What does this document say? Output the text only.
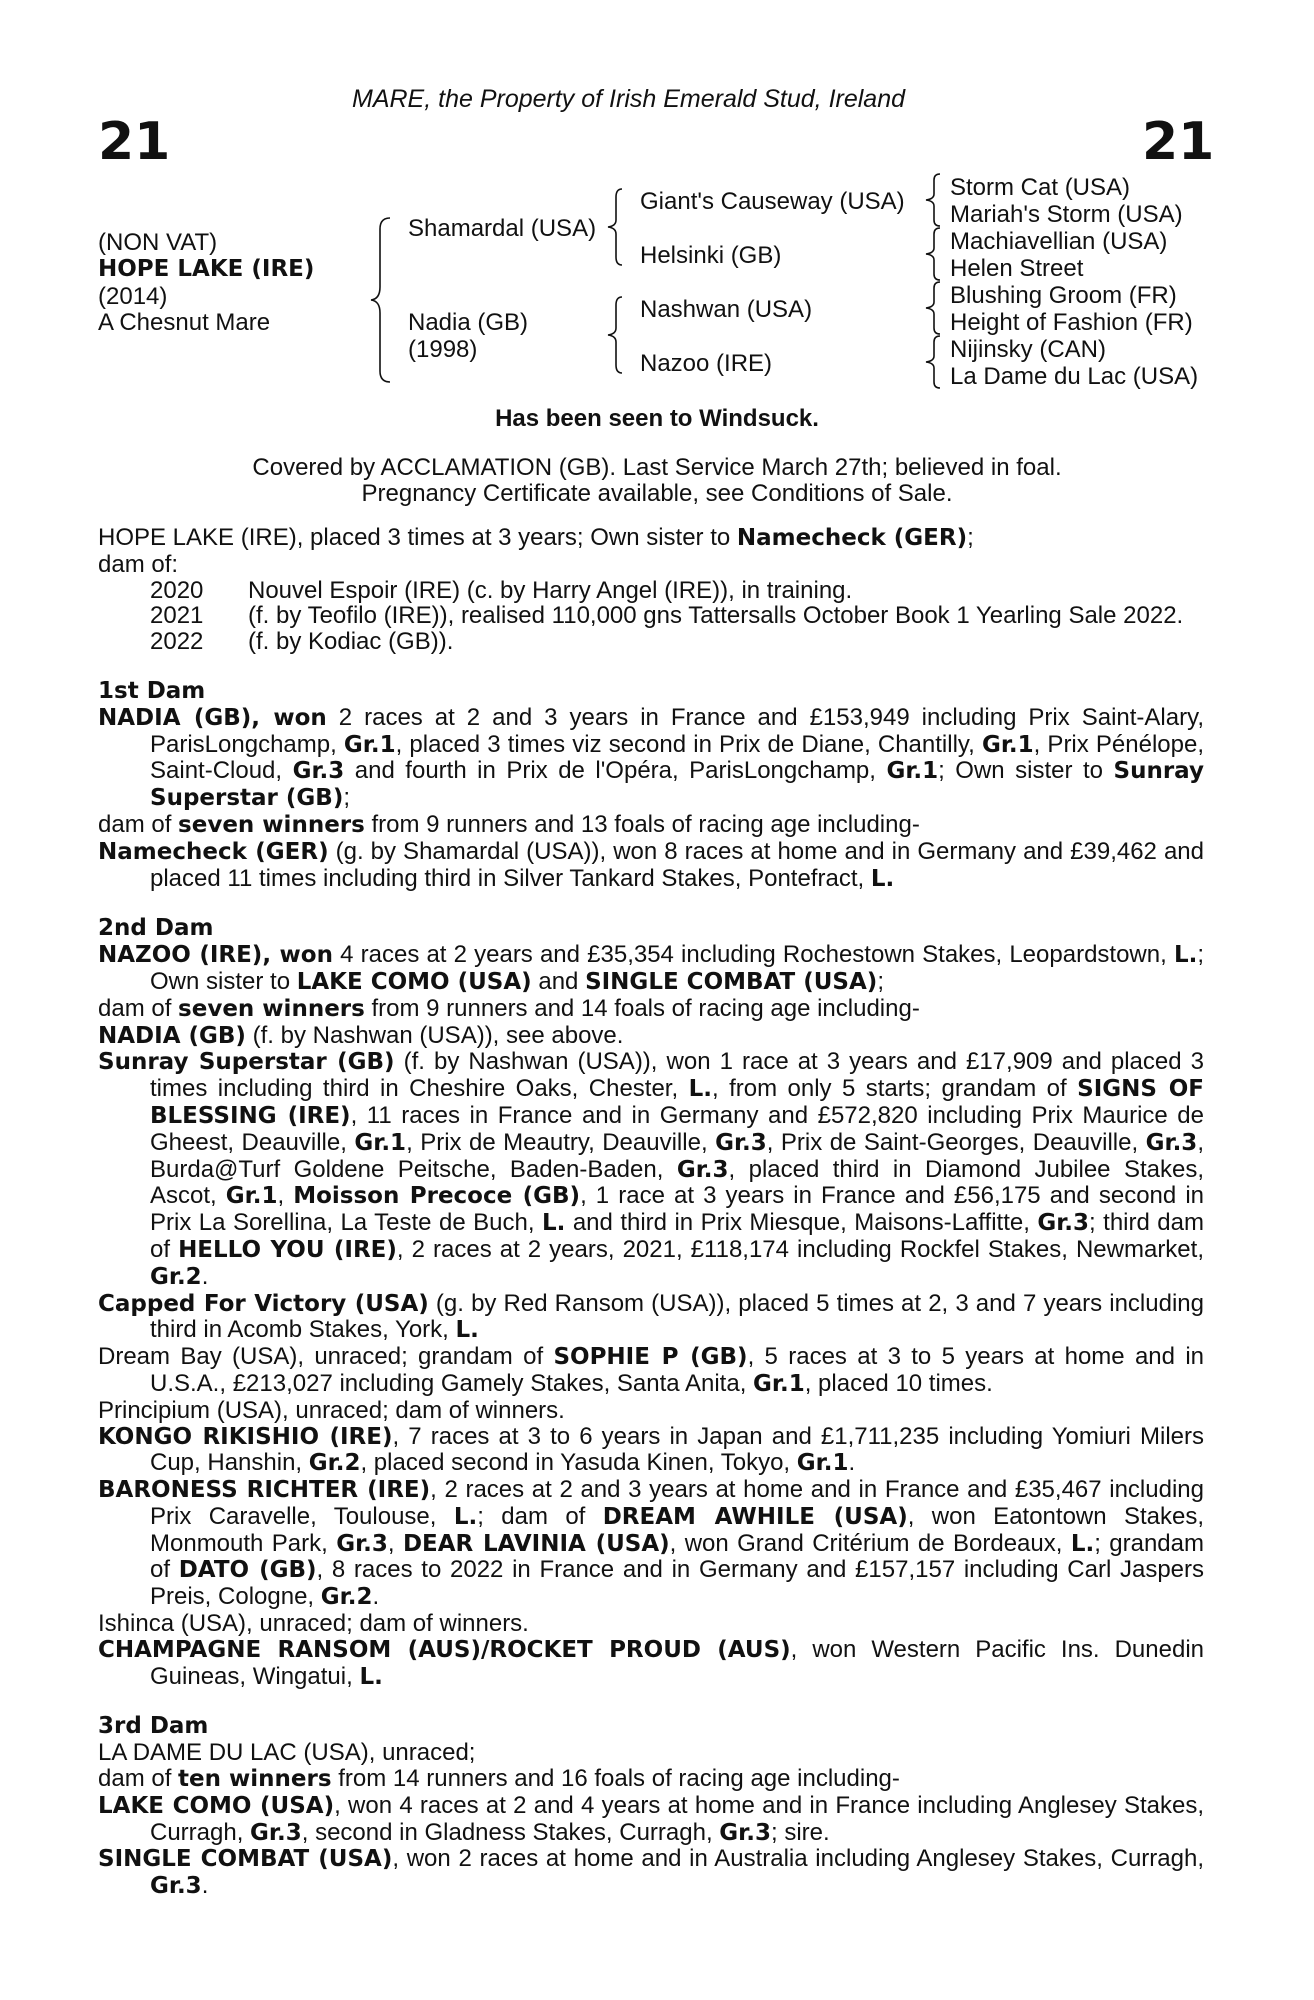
MARE, the Property of Irish Emerald Stud, Ireland
21	21
(NON VAT)
HOPE LAKE (IRE)
(2014)
A Chesnut Mare
Shamardal (USA)
Nadia (GB)
(1998)
Giant's Causeway (USA)
Helsinki (GB)
Nashwan (USA)
Nazoo (IRE)
Storm Cat (USA)
Mariah's Storm (USA)
Machiavellian (USA)
Helen Street
Blushing Groom (FR)
Height of Fashion (FR)
Nijinsky (CAN)
La Dame du Lac (USA)
Has been seen to Windsuck.
Covered by ACCLAMATION (GB). Last Service March 27th; believed in foal.
Pregnancy Certificate available, see Conditions of Sale.

HOPE LAKE (IRE), placed 3 times at 3 years; Own sister to Namecheck (GER);

dam of:

2020	Nouvel Espoir (IRE) (c. by Harry Angel (IRE)), in training.
2021	(f. by Teofilo (IRE)), realised 110,000 gns Tattersalls October Book 1 Yearling Sale 2022.
2022	(f. by Kodiac (GB)).

1st Dam

NADIA (GB), won 2 races at 2 and 3 years in France and £153,949 including Prix Saint-Alary, ParisLongchamp, Gr.1, placed 3 times viz second in Prix de Diane, Chantilly, Gr.1, Prix Pénélope, Saint-Cloud, Gr.3 and fourth in Prix de l'Opéra, ParisLongchamp, Gr.1; Own sister to Sunray Superstar (GB);

dam of seven winners from 9 runners and 13 foals of racing age including-

Namecheck (GER) (g. by Shamardal (USA)), won 8 races at home and in Germany and £39,462 and placed 11 times including third in Silver Tankard Stakes, Pontefract, L.

2nd Dam

NAZOO (IRE), won 4 races at 2 years and £35,354 including Rochestown Stakes, Leopardstown, L.; Own sister to LAKE COMO (USA) and SINGLE COMBAT (USA);

dam of seven winners from 9 runners and 14 foals of racing age including-

NADIA (GB) (f. by Nashwan (USA)), see above.

Sunray Superstar (GB) (f. by Nashwan (USA)), won 1 race at 3 years and £17,909 and placed 3 times including third in Cheshire Oaks, Chester, L., from only 5 starts; grandam of SIGNS OF BLESSING (IRE), 11 races in France and in Germany and £572,820 including Prix Maurice de Gheest, Deauville, Gr.1, Prix de Meautry, Deauville, Gr.3, Prix de Saint-Georges, Deauville, Gr.3, Burda@Turf Goldene Peitsche, Baden-Baden, Gr.3, placed third in Diamond Jubilee Stakes, Ascot, Gr.1, Moisson Precoce (GB), 1 race at 3 years in France and £56,175 and second in Prix La Sorellina, La Teste de Buch, L. and third in Prix Miesque, Maisons-Laffitte, Gr.3; third dam of HELLO YOU (IRE), 2 races at 2 years, 2021, £118,174 including Rockfel Stakes, Newmarket, Gr.2.

Capped For Victory (USA) (g. by Red Ransom (USA)), placed 5 times at 2, 3 and 7 years including third in Acomb Stakes, York, L.

Dream Bay (USA), unraced; grandam of SOPHIE P (GB), 5 races at 3 to 5 years at home and in U.S.A., £213,027 including Gamely Stakes, Santa Anita, Gr.1, placed 10 times.

Principium (USA), unraced; dam of winners.

KONGO RIKISHIO (IRE), 7 races at 3 to 6 years in Japan and £1,711,235 including Yomiuri Milers Cup, Hanshin, Gr.2, placed second in Yasuda Kinen, Tokyo, Gr.1.

BARONESS RICHTER (IRE), 2 races at 2 and 3 years at home and in France and £35,467 including Prix Caravelle, Toulouse, L.; dam of DREAM AWHILE (USA), won Eatontown Stakes, Monmouth Park, Gr.3, DEAR LAVINIA (USA), won Grand Critérium de Bordeaux, L.; grandam of DATO (GB), 8 races to 2022 in France and in Germany and £157,157 including Carl Jaspers Preis, Cologne, Gr.2.

Ishinca (USA), unraced; dam of winners.

CHAMPAGNE RANSOM (AUS)/ROCKET PROUD (AUS), won Western Pacific Ins. Dunedin Guineas, Wingatui, L.

3rd Dam

LA DAME DU LAC (USA), unraced;

dam of ten winners from 14 runners and 16 foals of racing age including-

LAKE COMO (USA), won 4 races at 2 and 4 years at home and in France including Anglesey Stakes, Curragh, Gr.3, second in Gladness Stakes, Curragh, Gr.3; sire.

SINGLE COMBAT (USA), won 2 races at home and in Australia including Anglesey Stakes, Curragh, Gr.3.
